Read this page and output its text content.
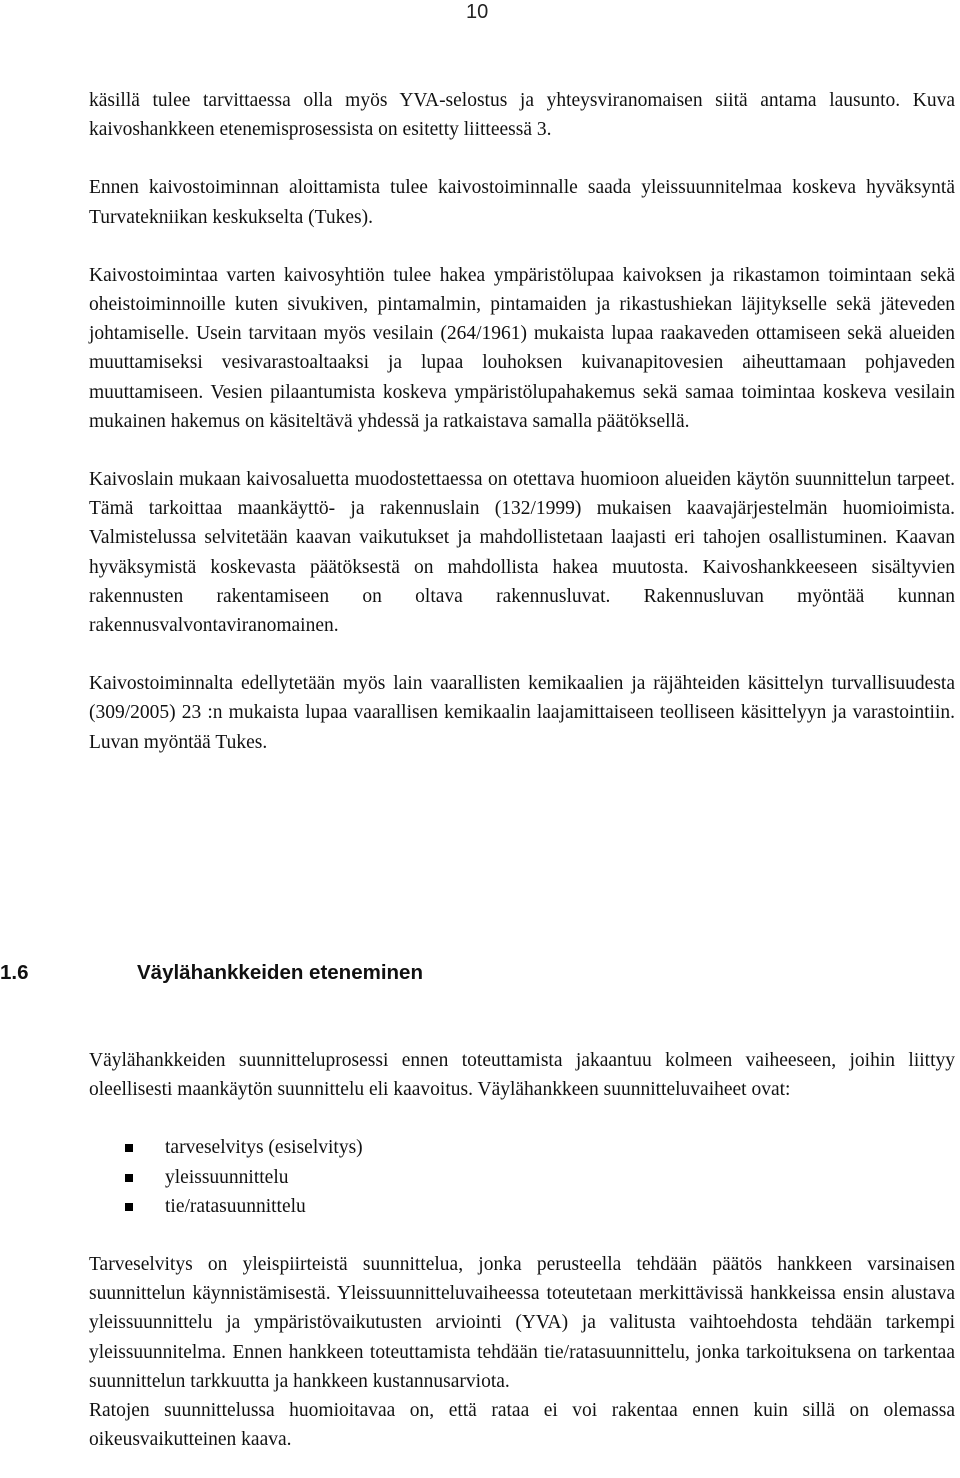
10

käsillä tulee tarvittaessa olla myös YVA-selostus ja yhteysviranomaisen siitä antama lausunto. Kuva kaivoshankkeen etenemisprosessista on esitetty liitteessä 3.

Ennen kaivostoiminnan aloittamista tulee kaivostoiminnalle saada yleissuunnitelmaa koskeva hyväksyntä Turvatekniikan keskukselta (Tukes).

Kaivostoimintaa varten kaivosyhtiön tulee hakea ympäristölupaa kaivoksen ja rikastamon toimintaan sekä oheistoiminnoille kuten sivukiven, pintamalmin, pintamaiden ja rikastushiekan läjitykselle sekä jäteveden johtamiselle. Usein tarvitaan myös vesilain (264/1961) mukaista lupaa raakaveden ottamiseen sekä alueiden muuttamiseksi vesivarastoaltaaksi ja lupaa louhoksen kuivanapitovesien aiheuttamaan pohjaveden muuttamiseen. Vesien pilaantumista koskeva ympäristölupahakemus sekä samaa toimintaa koskeva vesilain mukainen hakemus on käsiteltävä yhdessä ja ratkaistava samalla päätöksellä.

Kaivoslain mukaan kaivosaluetta muodostettaessa on otettava huomioon alueiden käytön suunnittelun tarpeet. Tämä tarkoittaa maankäyttö- ja rakennuslain (132/1999) mukaisen kaavajärjestelmän huomioimista. Valmistelussa selvitetään kaavan vaikutukset ja mahdollistetaan laajasti eri tahojen osallistuminen. Kaavan hyväksymistä koskevasta päätöksestä on mahdollista hakea muutosta. Kaivoshankkeeseen sisältyvien rakennusten rakentamiseen on oltava rakennusluvat. Rakennusluvan myöntää kunnan rakennusvalvontaviranomainen.

Kaivostoiminnalta edellytetään myös lain vaarallisten kemikaalien ja räjähteiden käsittelyn turvallisuudesta (309/2005) 23 :n mukaista lupaa vaarallisen kemikaalin laajamittaiseen teolliseen käsittelyyn ja varastointiin. Luvan myöntää Tukes.

1.6	Väylähankkeiden eteneminen

Väylähankkeiden suunnitteluprosessi ennen toteuttamista jakaantuu kolmeen vaiheeseen, joihin liittyy oleellisesti maankäytön suunnittelu eli kaavoitus. Väylähankkeen suunnitteluvaiheet ovat:

tarveselvitys (esiselvitys)
yleissuunnittelu
tie/ratasuunnittelu

Tarveselvitys on yleispiirteistä suunnittelua, jonka perusteella tehdään päätös hankkeen varsinaisen suunnittelun käynnistämisestä. Yleissuunnitteluvaiheessa toteutetaan merkittävissä hankkeissa ensin alustava yleissuunnittelu ja ympäristövaikutusten arviointi (YVA) ja valitusta vaihtoehdosta tehdään tarkempi yleissuunnitelma. Ennen hankkeen toteuttamista tehdään tie/ratasuunnittelu, jonka tarkoituksena on tarkentaa suunnittelun tarkkuutta ja hankkeen kustannusarviota.

Ratojen suunnittelussa huomioitavaa on, että rataa ei voi rakentaa ennen kuin sillä on olemassa oikeusvaikutteinen kaava.
